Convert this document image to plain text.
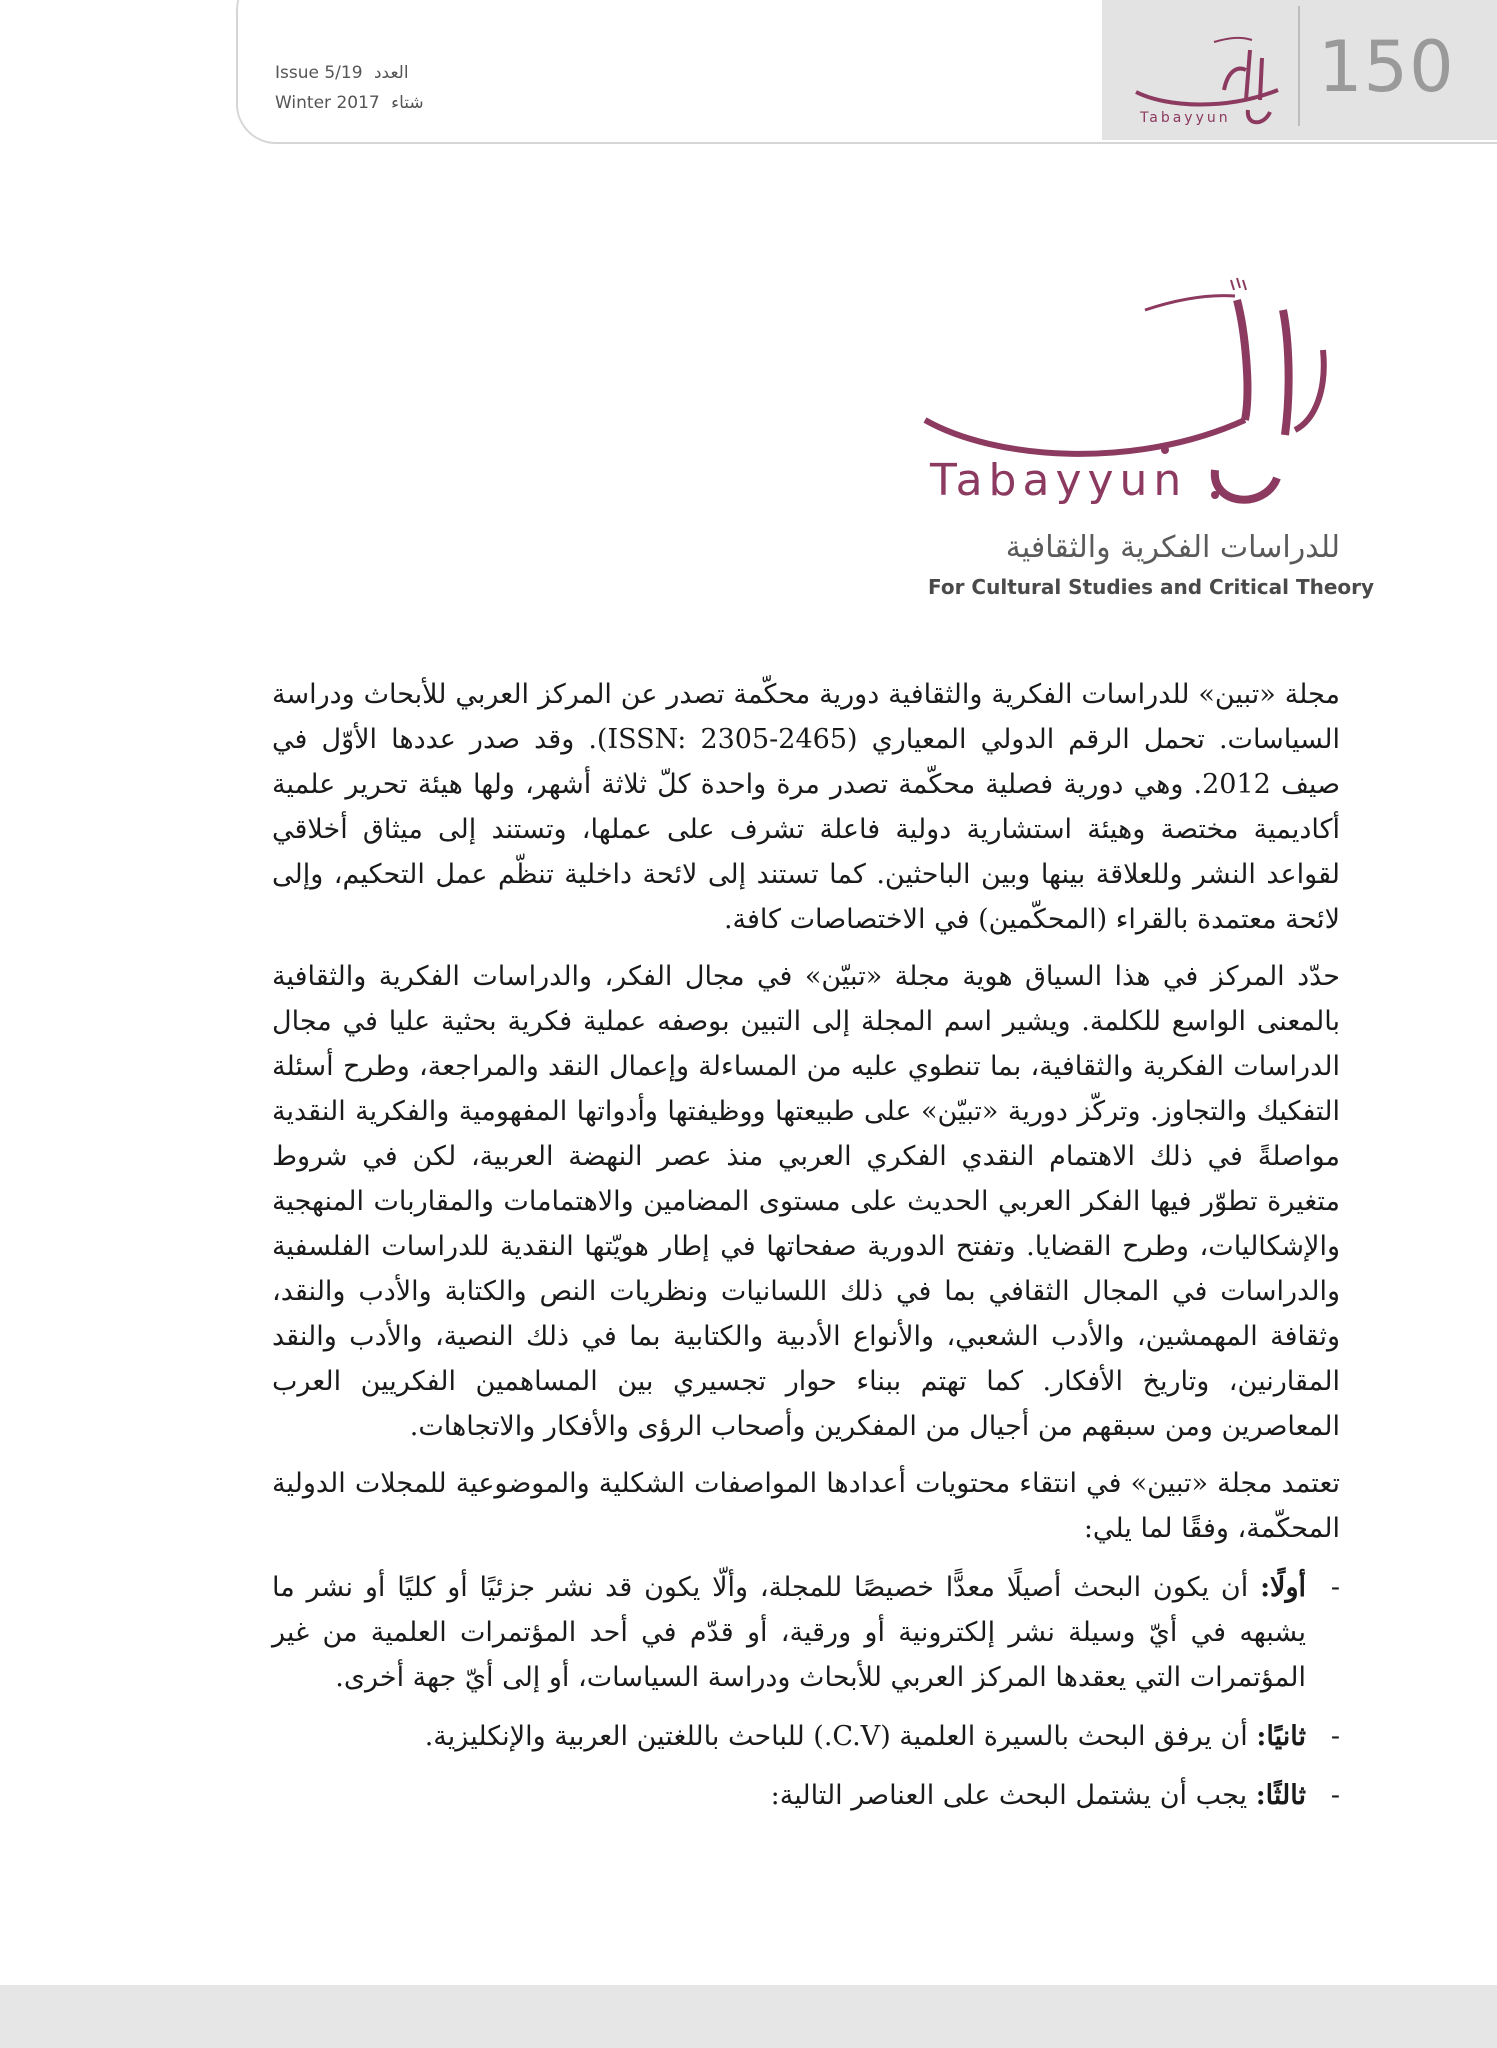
150
Tabayyun
Issue 5/19 العدد
Winter 2017 شتاء
Tabayyun
للدراسات الفكرية والثقافية
For Cultural Studies and Critical Theory

مجلة «تبين» للدراسات الفكرية والثقافية دورية محكّمة تصدر عن المركز العربي للأبحاث ودراسة السياسات. تحمل الرقم الدولي المعياري (ISSN: 2305-2465). وقد صدر عددها الأوّل في صيف 2012. وهي دورية فصلية محكّمة تصدر مرة واحدة كلّ ثلاثة أشهر، ولها هيئة تحرير علمية أكاديمية مختصة وهيئة استشارية دولية فاعلة تشرف على عملها، وتستند إلى ميثاق أخلاقي لقواعد النشر وللعلاقة بينها وبين الباحثين. كما تستند إلى لائحة داخلية تنظّم عمل التحكيم، وإلى لائحة معتمدة بالقراء (المحكّمين) في الاختصاصات كافة.

حدّد المركز في هذا السياق هوية مجلة «تبيّن» في مجال الفكر، والدراسات الفكرية والثقافية بالمعنى الواسع للكلمة. ويشير اسم المجلة إلى التبين بوصفه عملية فكرية بحثية عليا في مجال الدراسات الفكرية والثقافية، بما تنطوي عليه من المساءلة وإعمال النقد والمراجعة، وطرح أسئلة التفكيك والتجاوز. وتركّز دورية «تبيّن» على طبيعتها ووظيفتها وأدواتها المفهومية والفكرية النقدية مواصلةً في ذلك الاهتمام النقدي الفكري العربي منذ عصر النهضة العربية، لكن في شروط متغيرة تطوّر فيها الفكر العربي الحديث على مستوى المضامين والاهتمامات والمقاربات المنهجية والإشكاليات، وطرح القضايا. وتفتح الدورية صفحاتها في إطار هويّتها النقدية للدراسات الفلسفية والدراسات في المجال الثقافي بما في ذلك اللسانيات ونظريات النص والكتابة والأدب والنقد، وثقافة المهمشين، والأدب الشعبي، والأنواع الأدبية والكتابية بما في ذلك النصية، والأدب والنقد المقارنين، وتاريخ الأفكار. كما تهتم ببناء حوار تجسيري بين المساهمين الفكريين العرب المعاصرين ومن سبقهم من أجيال من المفكرين وأصحاب الرؤى والأفكار والاتجاهات.

تعتمد مجلة «تبين» في انتقاء محتويات أعدادها المواصفات الشكلية والموضوعية للمجلات الدولية المحكّمة، وفقًا لما يلي:

-
أولًا: أن يكون البحث أصيلًا معدًّا خصيصًا للمجلة، وألّا يكون قد نشر جزئيًا أو كليًا أو نشر ما يشبهه في أيّ وسيلة نشر إلكترونية أو ورقية، أو قدّم في أحد المؤتمرات العلمية من غير المؤتمرات التي يعقدها المركز العربي للأبحاث ودراسة السياسات، أو إلى أيّ جهة أخرى.
-
ثانيًا: أن يرفق البحث بالسيرة العلمية (C.V.) للباحث باللغتين العربية والإنكليزية.
-
ثالثًا: يجب أن يشتمل البحث على العناصر التالية:
